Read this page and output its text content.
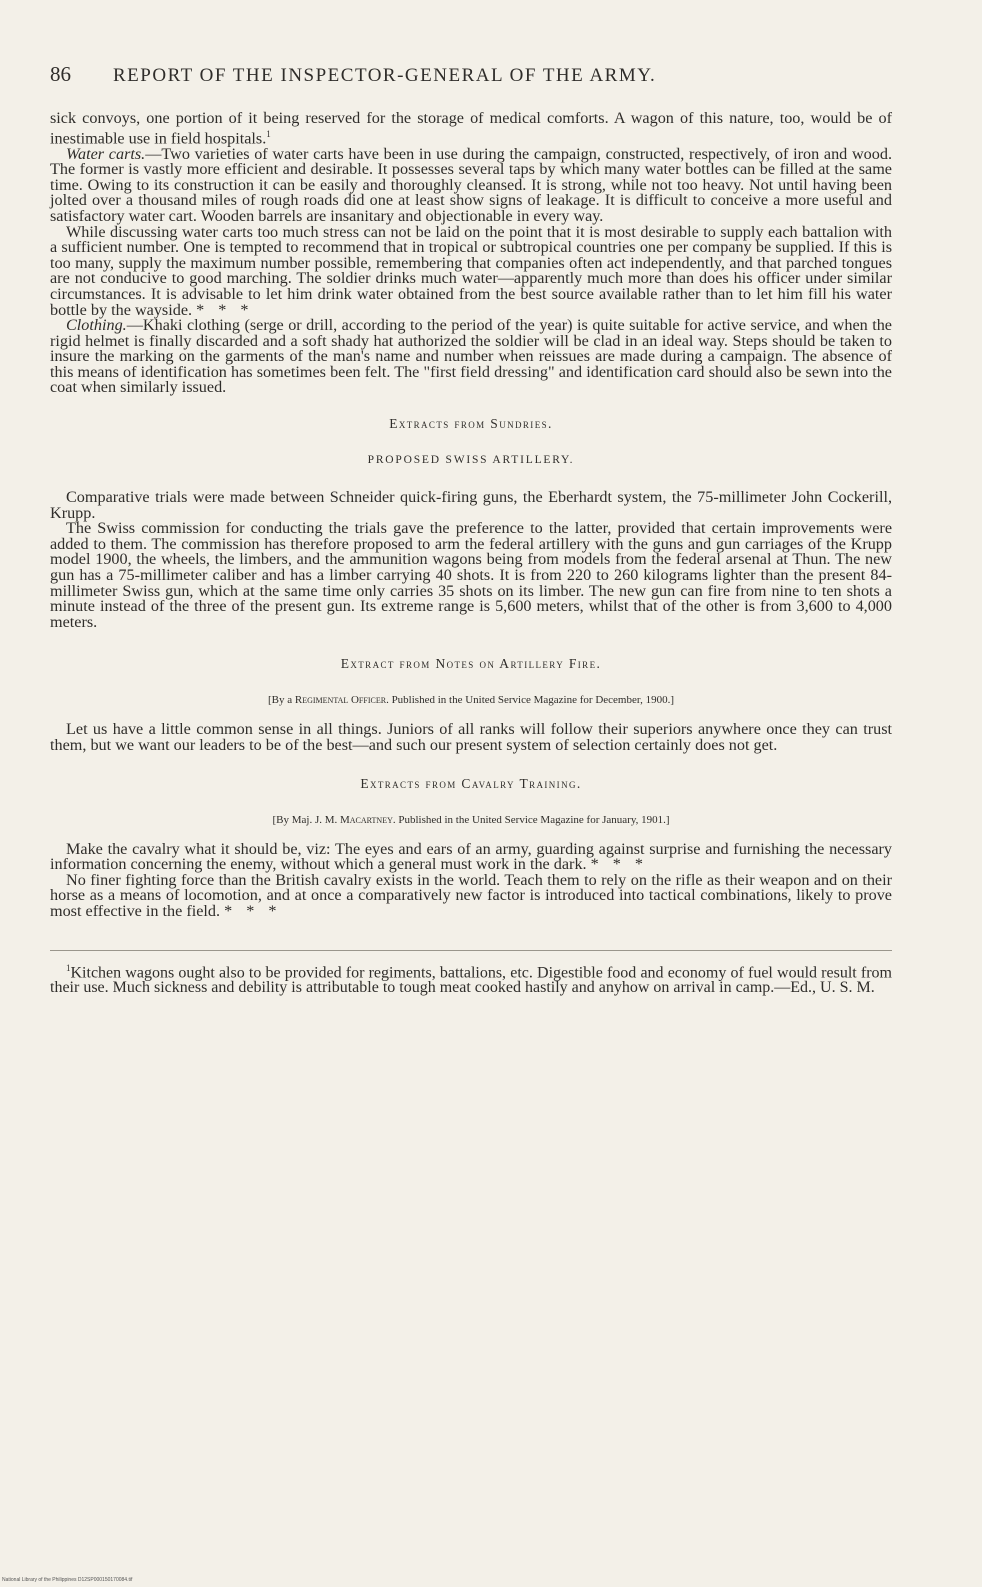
86 REPORT OF THE INSPECTOR-GENERAL OF THE ARMY.

sick convoys, one portion of it being reserved for the storage of medical comforts. A wagon of this nature, too, would be of inestimable use in field hospitals.$^1$

Water carts.—Two varieties of water carts have been in use during the campaign, constructed, respectively, of iron and wood. The former is vastly more efficient and desirable. It possesses several taps by which many water bottles can be filled at the same time. Owing to its construction it can be easily and thoroughly cleansed. It is strong, while not too heavy. Not until having been jolted over a thousand miles of rough roads did one at least show signs of leakage. It is difficult to conceive a more useful and satisfactory water cart. Wooden barrels are insanitary and objectionable in every way.

While discussing water carts too much stress can not be laid on the point that it is most desirable to supply each battalion with a sufficient number. One is tempted to recommend that in tropical or subtropical countries one per company be supplied. If this is too many, supply the maximum number possible, remembering that companies often act independently, and that parched tongues are not conducive to good marching. The soldier drinks much water—apparently much more than does his officer under similar circumstances. It is advisable to let him drink water obtained from the best source available rather than to let him fill his water bottle by the wayside. * * *

Clothing.—Khaki clothing (serge or drill, according to the period of the year) is quite suitable for active service, and when the rigid helmet is finally discarded and a soft shady hat authorized the soldier will be clad in an ideal way. Steps should be taken to insure the marking on the garments of the man's name and number when reissues are made during a campaign. The absence of this means of identification has sometimes been felt. The "first field dressing" and identification card should also be sewn into the coat when similarly issued.

Extracts from Sundries.
PROPOSED SWISS ARTILLERY.

Comparative trials were made between Schneider quick-firing guns, the Eberhardt system, the 75-millimeter John Cockerill, Krupp.

The Swiss commission for conducting the trials gave the preference to the latter, provided that certain improvements were added to them. The commission has therefore proposed to arm the federal artillery with the guns and gun carriages of the Krupp model 1900, the wheels, the limbers, and the ammunition wagons being from models from the federal arsenal at Thun. The new gun has a 75-millimeter caliber and has a limber carrying 40 shots. It is from 220 to 260 kilograms lighter than the present 84-millimeter Swiss gun, which at the same time only carries 35 shots on its limber. The new gun can fire from nine to ten shots a minute instead of the three of the present gun. Its extreme range is 5,600 meters, whilst that of the other is from 3,600 to 4,000 meters.

Extract from Notes on Artillery Fire.
[By a Regimental Officer. Published in the United Service Magazine for December, 1900.]

Let us have a little common sense in all things. Juniors of all ranks will follow their superiors anywhere once they can trust them, but we want our leaders to be of the best—and such our present system of selection certainly does not get.

Extracts from Cavalry Training.
[By Maj. J. M. Macartney. Published in the United Service Magazine for January, 1901.]

Make the cavalry what it should be, viz: The eyes and ears of an army, guarding against surprise and furnishing the necessary information concerning the enemy, without which a general must work in the dark. * * *

No finer fighting force than the British cavalry exists in the world. Teach them to rely on the rifle as their weapon and on their horse as a means of locomotion, and at once a comparatively new factor is introduced into tactical combinations, likely to prove most effective in the field. * * *

$^1$Kitchen wagons ought also to be provided for regiments, battalions, etc. Digestible food and economy of fuel would result from their use. Much sickness and debility is attributable to tough meat cooked hastily and anyhow on arrival in camp.—Ed., U. S. M.

National Library of the Philippines D12SP000150170084.tif
